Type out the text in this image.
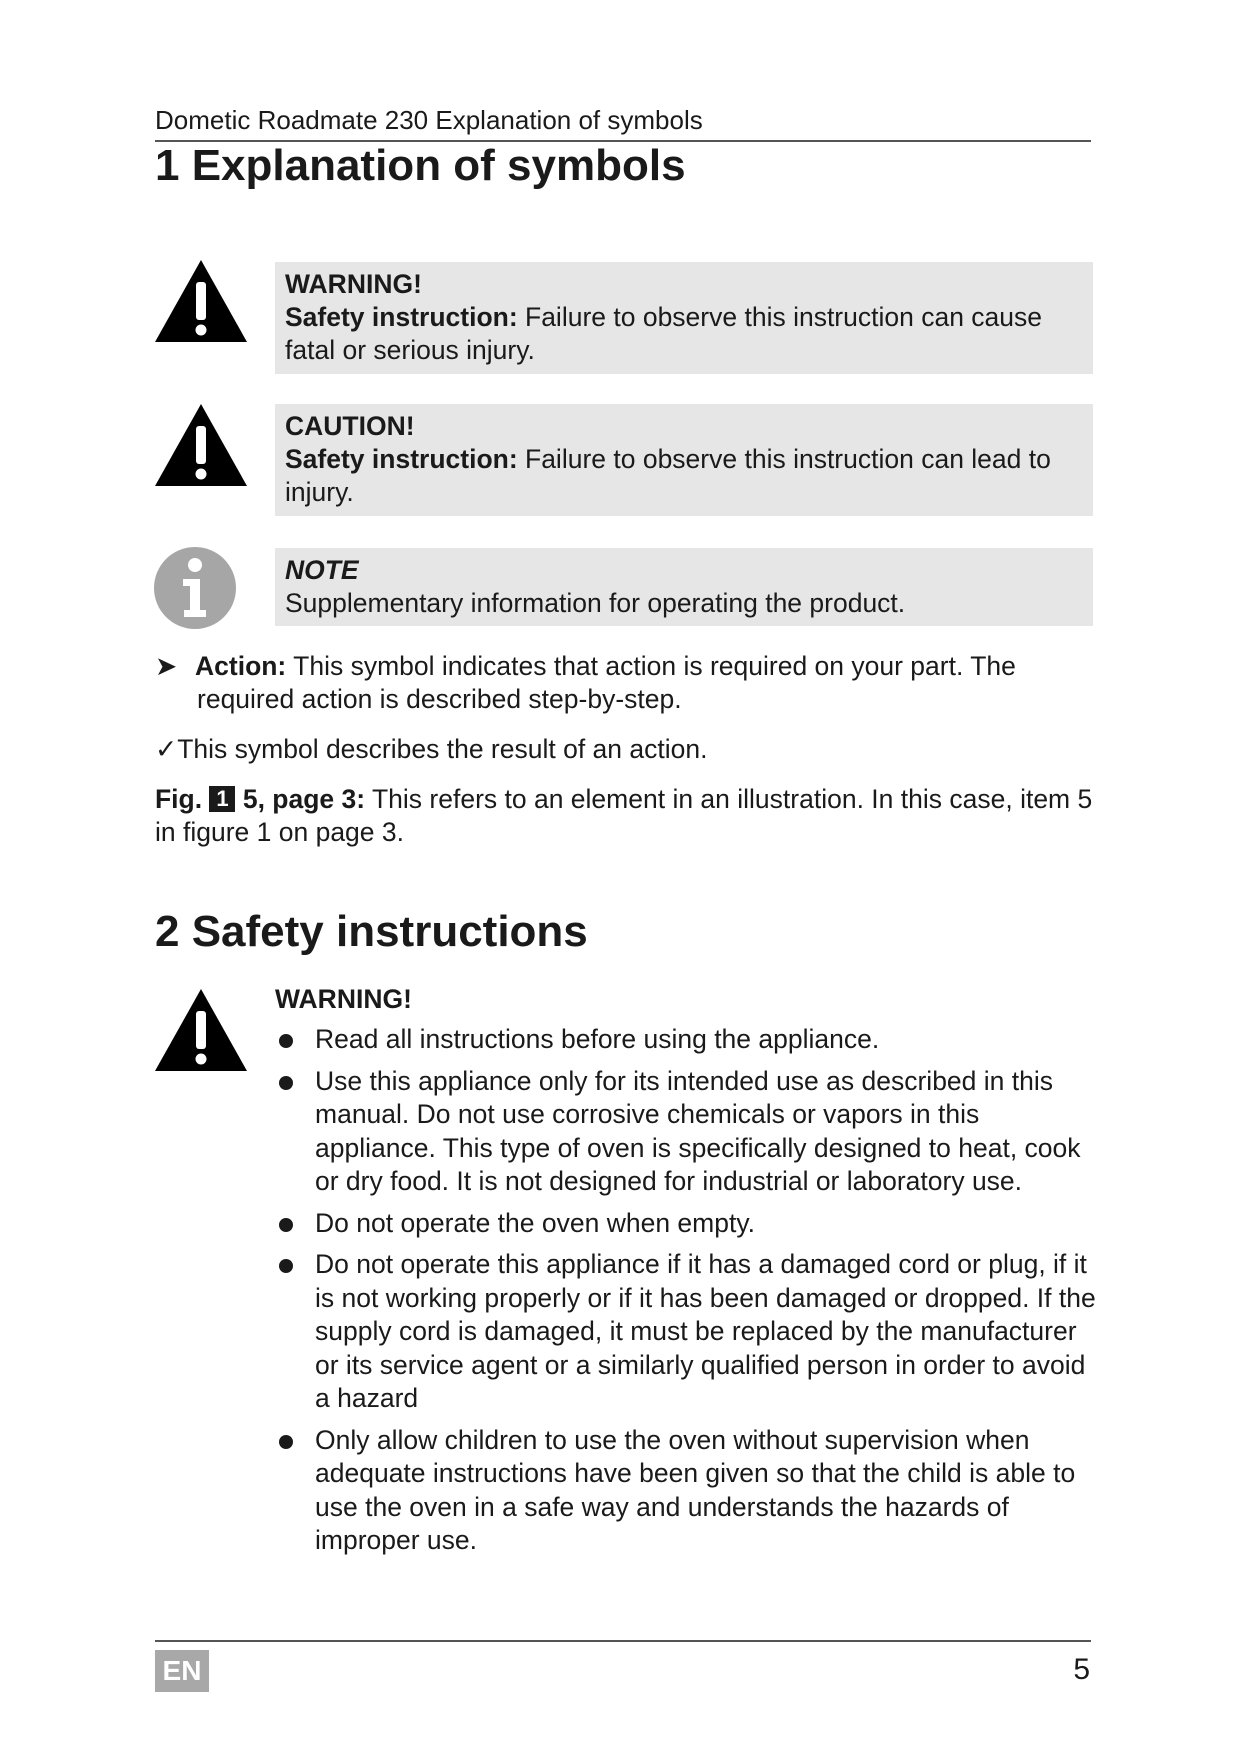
Dometic Roadmate 230 Explanation of symbols
1 Explanation of symbols
WARNING!
Safety instruction: Failure to observe this instruction can cause fatal or serious injury.
CAUTION!
Safety instruction: Failure to observe this instruction can lead to injury.
NOTE
Supplementary information for operating the product.

➤ Action: This symbol indicates that action is required on your part. The
required action is described step-by-step.

✓This symbol describes the result of an action.

Fig. 1 5, page 3: This refers to an element in an illustration. In this case, item 5 in figure 1 on page 3.

2 Safety instructions
WARNING!
Read all instructions before using the appliance.
Use this appliance only for its intended use as described in this manual. Do not use corrosive chemicals or vapors in this appliance. This type of oven is specifically designed to heat, cook or dry food. It is not designed for industrial or laboratory use.
Do not operate the oven when empty.
Do not operate this appliance if it has a damaged cord or plug, if it is not working properly or if it has been damaged or dropped. If the supply cord is damaged, it must be replaced by the manufacturer or its service agent or a similarly qualified person in order to avoid a hazard
Only allow children to use the oven without supervision when adequate instructions have been given so that the child is able to use the oven in a safe way and understands the hazards of improper use.
EN	5
